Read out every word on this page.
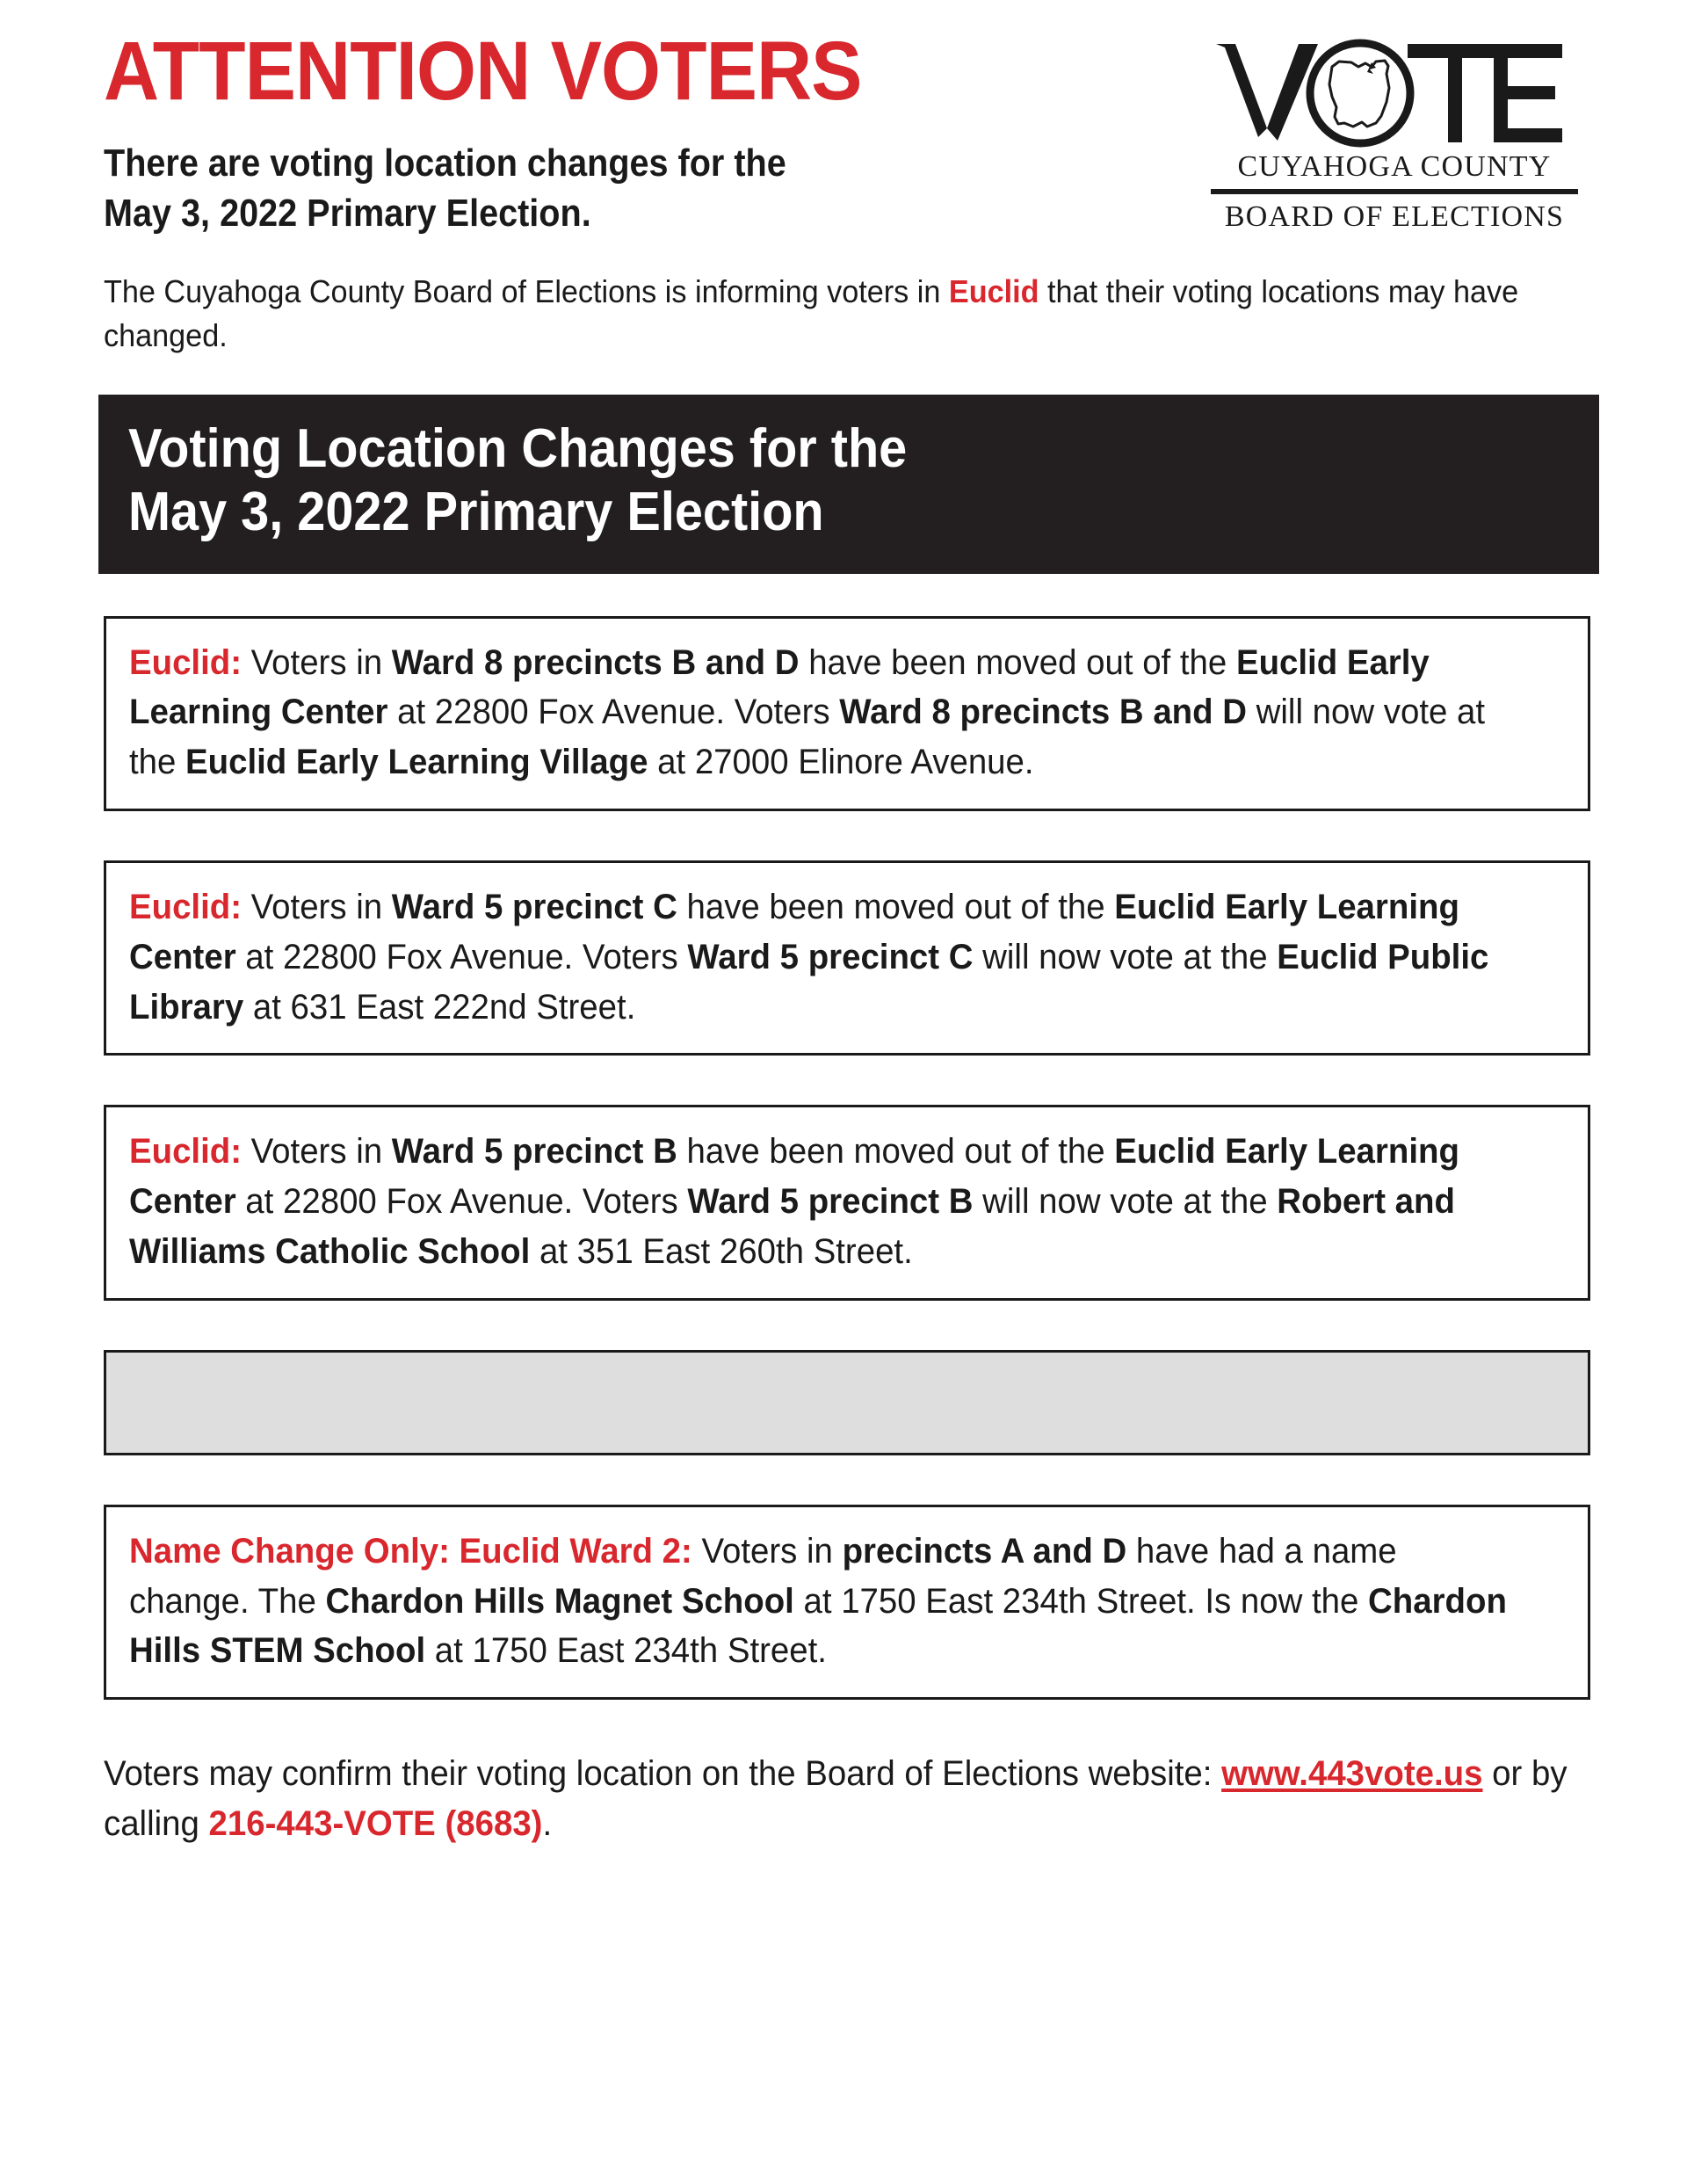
ATTENTION VOTERS
There are voting location changes for the
May 3, 2022 Primary Election.
CUYAHOGA COUNTY
BOARD OF ELECTIONS
The Cuyahoga County Board of Elections is informing voters in Euclid that their voting locations may have changed.
Voting Location Changes for the
May 3, 2022 Primary Election
Euclid: Voters in Ward 8 precincts B and D have been moved out of the Euclid Early Learning Center at 22800 Fox Avenue. Voters Ward 8 precincts B and D will now vote at the Euclid Early Learning Village at 27000 Elinore Avenue.
Euclid: Voters in Ward 5 precinct C have been moved out of the Euclid Early Learning Center at 22800 Fox Avenue. Voters Ward 5 precinct C will now vote at the Euclid Public Library at 631 East 222nd Street.
Euclid: Voters in Ward 5 precinct B have been moved out of the Euclid Early Learning Center at 22800 Fox Avenue. Voters Ward 5 precinct B will now vote at the Robert and Williams Catholic School at 351 East 260th Street.
Name Change Only: Euclid Ward 2: Voters in precincts A and D have had a name change. The Chardon Hills Magnet School at 1750 East 234th Street. Is now the Chardon Hills STEM School at 1750 East 234th Street.
Voters may confirm their voting location on the Board of Elections website: www.443vote.us or by calling 216-443-VOTE (8683).
